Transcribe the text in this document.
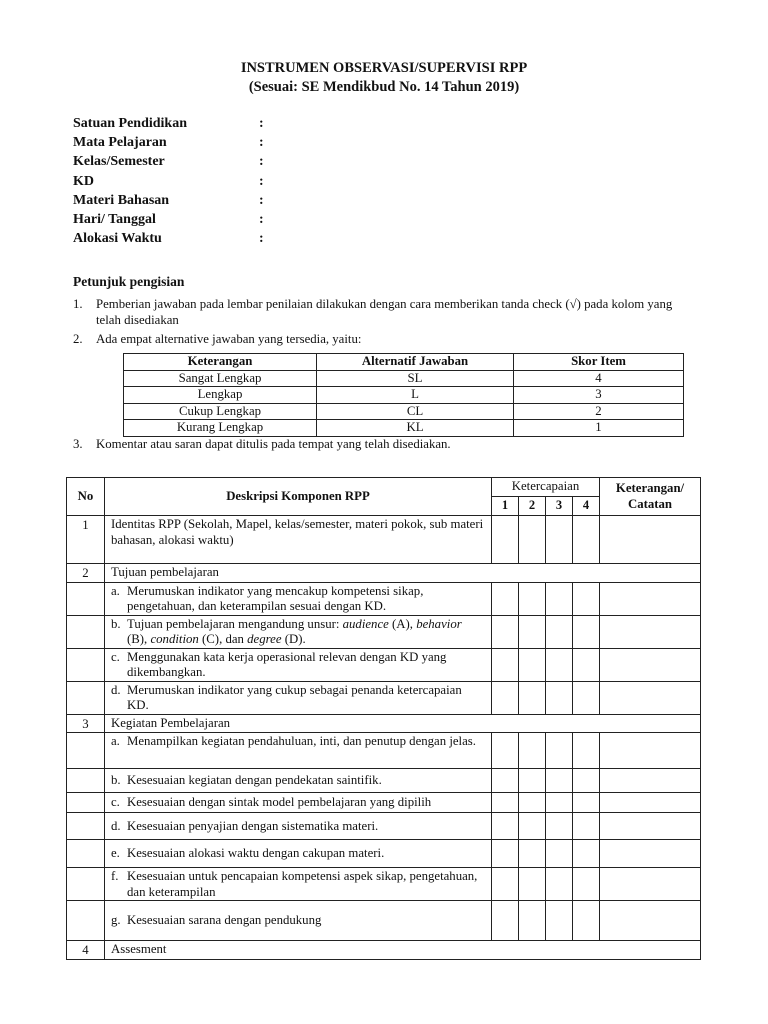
INSTRUMEN OBSERVASI/SUPERVISI RPP
(Sesuai: SE Mendikbud No. 14 Tahun 2019)
Satuan Pendidikan	:
Mata Pelajaran	:
Kelas/Semester	:
KD	:
Materi Bahasan	:
Hari/ Tanggal	:
Alokasi Waktu	:
Petunjuk pengisian
1.	Pemberian jawaban pada lembar penilaian dilakukan dengan cara memberikan tanda check (√) pada kolom yang telah disediakan
2.	Ada empat alternative jawaban yang tersedia, yaitu:
Keterangan	Alternatif Jawaban	Skor Item
Sangat Lengkap	SL	4
Lengkap	L	3
Cukup Lengkap	CL	2
Kurang Lengkap	KL	1
3.	Komentar atau saran dapat ditulis pada tempat yang telah disediakan.
No	Deskripsi Komponen RPP	Ketercapaian				Keterangan/ Catatan
		1	2	3	4	
1	Identitas RPP (Sekolah, Mapel, kelas/semester, materi pokok, sub materi bahasan, alokasi waktu)					
2	Tujuan pembelajaran					

	a. Merumuskan indikator yang mencakup kompetensi sikap, pengetahuan, dan keterampilan sesuai dengan KD.					

	b. Tujuan pembelajaran mengandung unsur: audience (A), behavior (B), condition (C), dan degree (D).					

	c. Menggunakan kata kerja operasional relevan dengan KD yang dikembangkan.					

	d. Merumuskan indikator yang cukup sebagai penanda ketercapaian KD.					

3	Kegiatan Pembelajaran					

	a. Menampilkan kegiatan pendahuluan, inti, dan penutup dengan jelas.					

	b. Kesesuaian kegiatan dengan pendekatan saintifik.					

	c. Kesesuaian dengan sintak model pembelajaran yang dipilih					

	d. Kesesuaian penyajian dengan sistematika materi.					

	e. Kesesuaian alokasi waktu dengan cakupan materi.					

	f. Kesesuaian untuk pencapaian kompetensi aspek sikap, pengetahuan, dan keterampilan					

	g. Kesesuaian sarana dengan pendukung					

4	Assesment					
